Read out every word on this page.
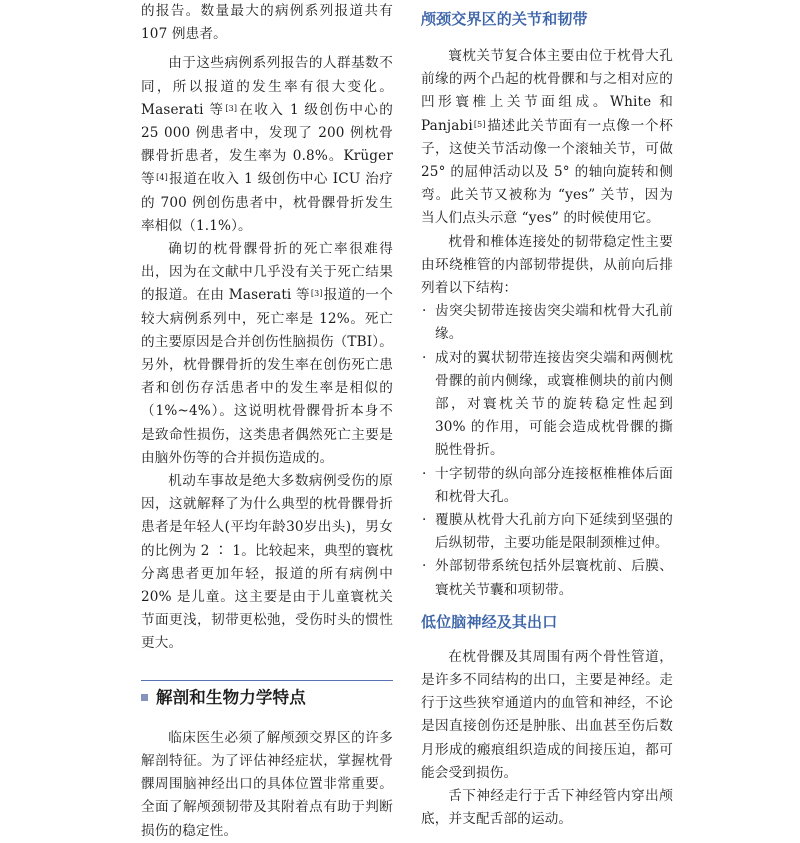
的报告。数量最大的病例系列报道共有107 例患者。

由于这些病例系列报告的人群基数不同，所以报道的发生率有很大变化。Maserati 等[3]在收入 1 级创伤中心的 25 000 例患者中，发现了 200 例枕骨髁骨折患者，发生率为 0.8%。Krüger 等[4]报道在收入 1 级创伤中心 ICU 治疗的 700 例创伤患者中，枕骨髁骨折发生率相似（1.1%）。

确切的枕骨髁骨折的死亡率很难得出，因为在文献中几乎没有关于死亡结果的报道。在由 Maserati 等[3]报道的一个较大病例系列中，死亡率是 12%。死亡的主要原因是合并创伤性脑损伤（TBI）。另外，枕骨髁骨折的发生率在创伤死亡患者和创伤存活患者中的发生率是相似的（1%~4%）。这说明枕骨髁骨折本身不是致命性损伤，这类患者偶然死亡主要是由脑外伤等的合并损伤造成的。

机动车事故是绝大多数病例受伤的原因，这就解释了为什么典型的枕骨髁骨折患者是年轻人(平均年龄30岁出头)，男女的比例为 2 ∶ 1。比较起来，典型的寰枕分离患者更加年轻，报道的所有病例中 20% 是儿童。这主要是由于儿童寰枕关节面更浅，韧带更松弛，受伤时头的惯性更大。

解剖和生物力学特点

临床医生必须了解颅颈交界区的许多解剖特征。为了评估神经症状，掌握枕骨髁周围脑神经出口的具体位置非常重要。全面了解颅颈韧带及其附着点有助于判断损伤的稳定性。

颅颈交界区的关节和韧带

寰枕关节复合体主要由位于枕骨大孔前缘的两个凸起的枕骨髁和与之相对应的凹形寰椎上关节面组成。White 和 Panjabi[5]描述此关节面有一点像一个杯子，这使关节活动像一个滚轴关节，可做 25° 的屈伸活动以及 5° 的轴向旋转和侧弯。此关节又被称为 “yes” 关节，因为当人们点头示意 “yes” 的时候使用它。

枕骨和椎体连接处的韧带稳定性主要由环绕椎管的内部韧带提供，从前向后排列着以下结构：

· 齿突尖韧带连接齿突尖端和枕骨大孔前缘。
· 成对的翼状韧带连接齿突尖端和两侧枕骨髁的前内侧缘，或寰椎侧块的前内侧部，对寰枕关节的旋转稳定性起到 30% 的作用，可能会造成枕骨髁的撕脱性骨折。
· 十字韧带的纵向部分连接枢椎椎体后面和枕骨大孔。
· 覆膜从枕骨大孔前方向下延续到坚强的后纵韧带，主要功能是限制颈椎过伸。
· 外部韧带系统包括外层寰枕前、后膜、寰枕关节囊和项韧带。
低位脑神经及其出口

在枕骨髁及其周围有两个骨性管道，是许多不同结构的出口，主要是神经。走行于这些狭窄通道内的血管和神经，不论是因直接创伤还是肿胀、出血甚至伤后数月形成的瘢痕组织造成的间接压迫，都可能会受到损伤。

舌下神经走行于舌下神经管内穿出颅底，并支配舌部的运动。
